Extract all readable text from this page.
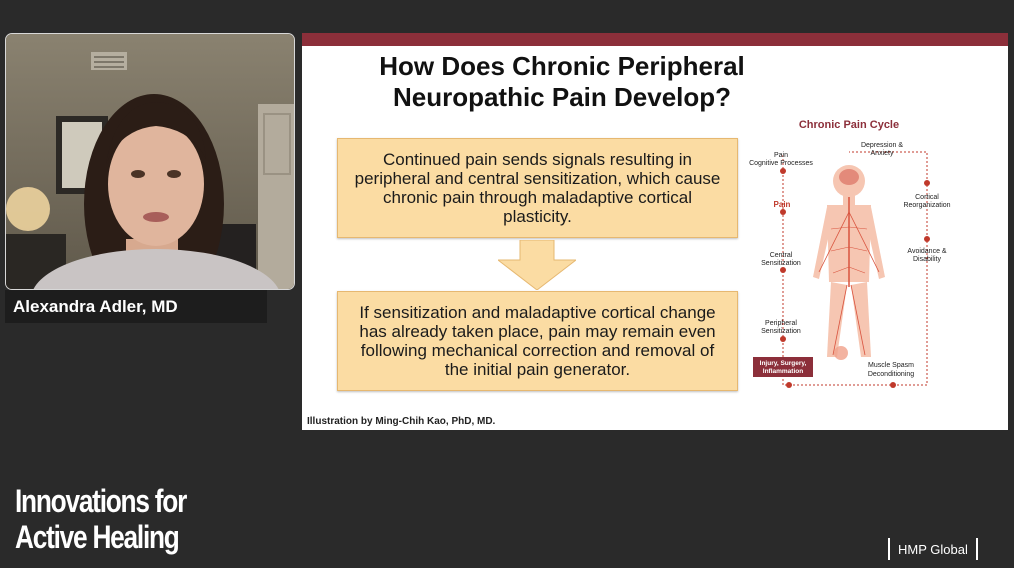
Alexandra Adler, MD
How Does Chronic Peripheral
Neuropathic Pain Develop?
Continued pain sends signals resulting in peripheral and central sensitization, which cause chronic pain through maladaptive cortical plasticity.
If sensitization and maladaptive cortical change has already taken place, pain may remain even following mechanical correction and removal of the initial pain generator.
Chronic Pain Cycle
Depression &
Anxiety
Pain
Cognitive Processes
Pain
Cortical
Reorganization
Avoidance &
Disability
Central
Sensitization
Peripheral
Sensitization
Muscle Spasm
Deconditioning
Injury, Surgery,
Inflammation
Illustration by Ming-Chih Kao, PhD, MD.
Innovations for
Active Healing	HMP Global
